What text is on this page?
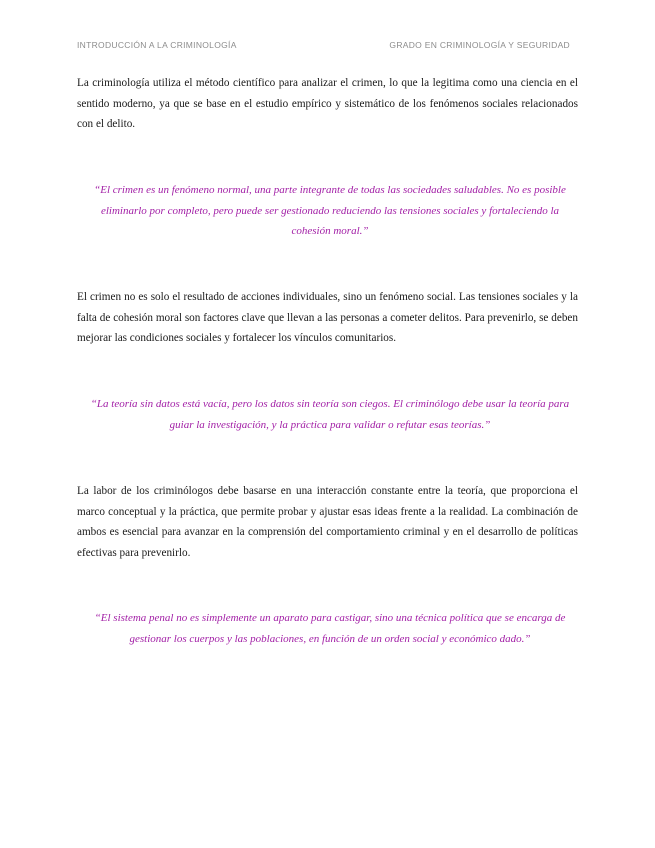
INTRODUCCIÓN A LA CRIMINOLOGÍA	GRADO EN CRIMINOLOGÍA Y SEGURIDAD

La criminología utiliza el método científico para analizar el crimen, lo que la legitima como una ciencia en el sentido moderno, ya que se base en el estudio empírico y sistemático de los fenómenos sociales relacionados con el delito.

“El crimen es un fenómeno normal, una parte integrante de todas las sociedades saludables. No es posible eliminarlo por completo, pero puede ser gestionado reduciendo las tensiones sociales y fortaleciendo la cohesión moral.”

El crimen no es solo el resultado de acciones individuales, sino un fenómeno social. Las tensiones sociales y la falta de cohesión moral son factores clave que llevan a las personas a cometer delitos. Para prevenirlo, se deben mejorar las condiciones sociales y fortalecer los vínculos comunitarios.

“La teoría sin datos está vacía, pero los datos sin teoría son ciegos. El criminólogo debe usar la teoría para guiar la investigación, y la práctica para validar o refutar esas teorías.”

La labor de los criminólogos debe basarse en una interacción constante entre la teoría, que proporciona el marco conceptual y la práctica, que permite probar y ajustar esas ideas frente a la realidad. La combinación de ambos es esencial para avanzar en la comprensión del comportamiento criminal y en el desarrollo de políticas efectivas para prevenirlo.

“El sistema penal no es simplemente un aparato para castigar, sino una técnica política que se encarga de gestionar los cuerpos y las poblaciones, en función de un orden social y económico dado.”
